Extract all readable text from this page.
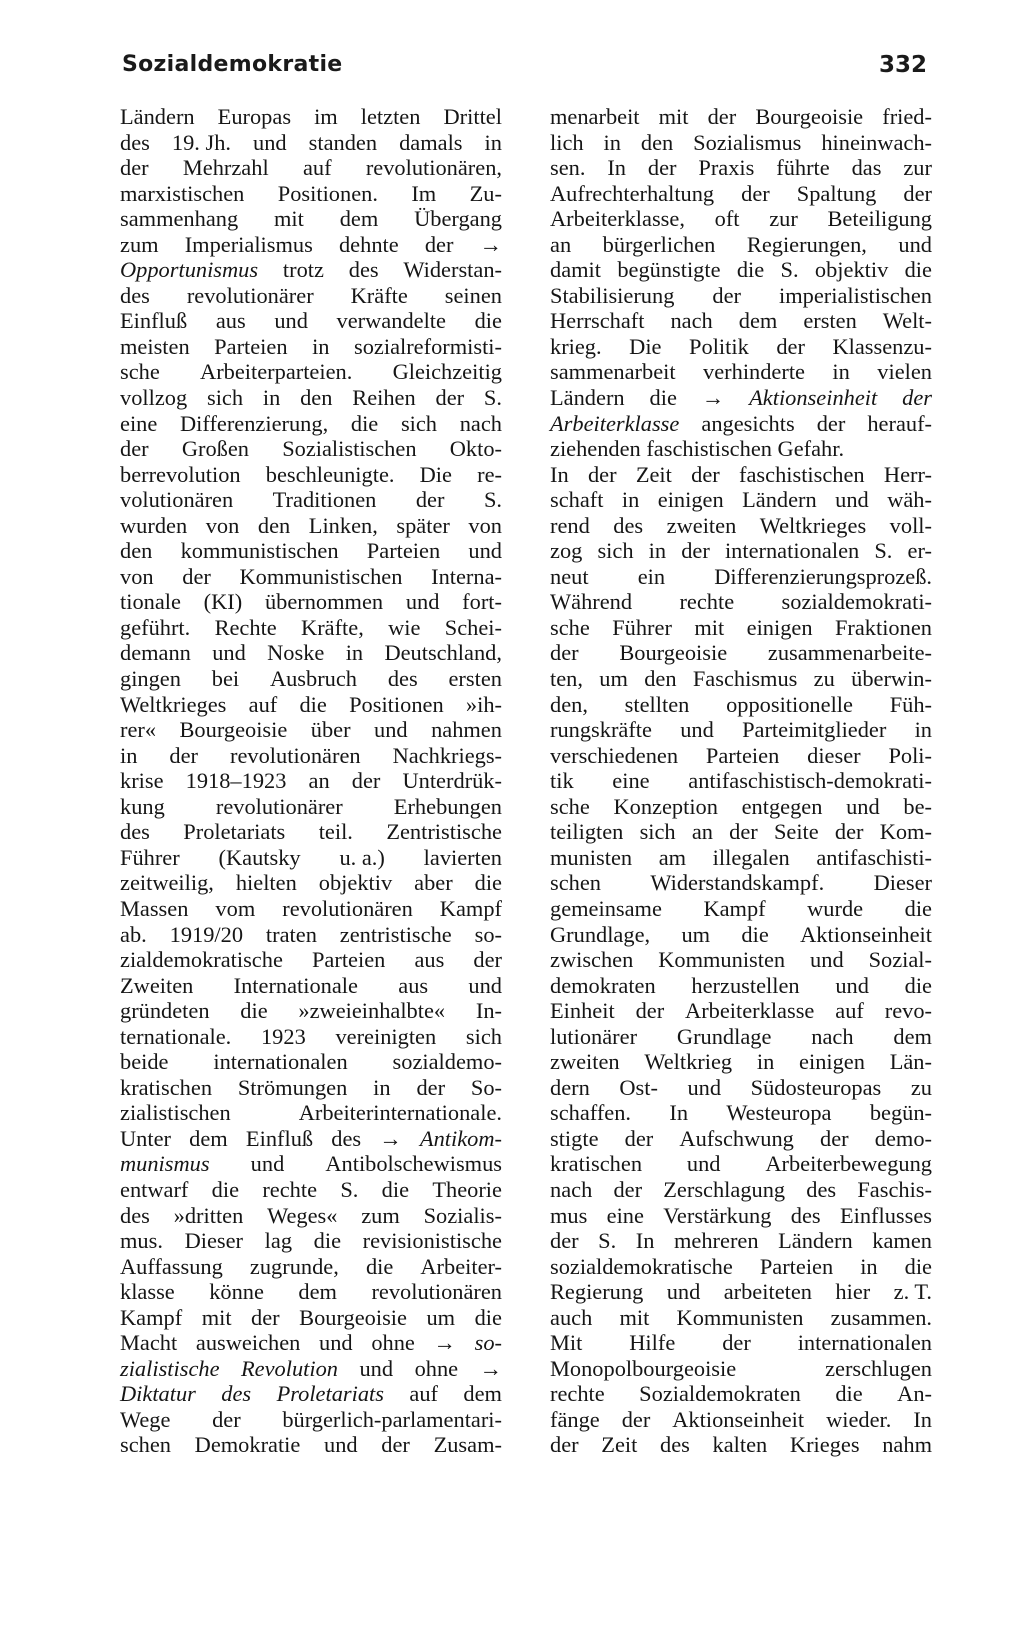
Sozialdemokratie	332
Ländern Europas im letzten Drittel
des 19. Jh. und standen damals in
der Mehrzahl auf revolutionären,
marxistischen Positionen. Im Zu-
sammenhang mit dem Übergang
zum Imperialismus dehnte der →
Opportunismus trotz des Widerstan-
des revolutionärer Kräfte seinen
Einfluß aus und verwandelte die
meisten Parteien in sozialreformisti-
sche Arbeiterparteien. Gleichzeitig
vollzog sich in den Reihen der S.
eine Differenzierung, die sich nach
der Großen Sozialistischen Okto-
berrevolution beschleunigte. Die re-
volutionären Traditionen der S.
wurden von den Linken, später von
den kommunistischen Parteien und
von der Kommunistischen Interna-
tionale (KI) übernommen und fort-
geführt. Rechte Kräfte, wie Schei-
demann und Noske in Deutschland,
gingen bei Ausbruch des ersten
Weltkrieges auf die Positionen »ih-
rer« Bourgeoisie über und nahmen
in der revolutionären Nachkriegs-
krise 1918–1923 an der Unterdrük-
kung revolutionärer Erhebungen
des Proletariats teil. Zentristische
Führer (Kautsky u. a.) lavierten
zeitweilig, hielten objektiv aber die
Massen vom revolutionären Kampf
ab. 1919/20 traten zentristische so-
zialdemokratische Parteien aus der
Zweiten Internationale aus und
gründeten die »zweieinhalbte« In-
ternationale. 1923 vereinigten sich
beide internationalen sozialdemo-
kratischen Strömungen in der So-
zialistischen	Arbeiterinternationale.
Unter dem Einfluß des → Antikom-
munismus und Antibolschewismus
entwarf die rechte S. die Theorie
des »dritten Weges« zum Sozialis-
mus. Dieser lag die revisionistische
Auffassung zugrunde, die Arbeiter-
klasse könne dem revolutionären
Kampf mit der Bourgeoisie um die
Macht ausweichen und ohne → so-
zialistische Revolution und ohne →
Diktatur des Proletariats auf dem
Wege der bürgerlich-parlamentari-
schen Demokratie und der Zusam-
menarbeit mit der Bourgeoisie fried-
lich in den Sozialismus hineinwach-
sen. In der Praxis führte das zur
Aufrechterhaltung der Spaltung der
Arbeiterklasse, oft zur Beteiligung
an bürgerlichen Regierungen, und
damit begünstigte die S. objektiv die
Stabilisierung der imperialistischen
Herrschaft nach dem ersten Welt-
krieg. Die Politik der Klassenzu-
sammenarbeit verhinderte in vielen
Ländern die → Aktionseinheit der
Arbeiterklasse angesichts der herauf-
ziehenden faschistischen Gefahr.
In der Zeit der faschistischen Herr-
schaft in einigen Ländern und wäh-
rend des zweiten Weltkrieges voll-
zog sich in der internationalen S. er-
neut ein Differenzierungsprozeß.
Während rechte sozialdemokrati-
sche Führer mit einigen Fraktionen
der Bourgeoisie zusammenarbeite-
ten, um den Faschismus zu überwin-
den, stellten oppositionelle Füh-
rungskräfte und Parteimitglieder in
verschiedenen Parteien dieser Poli-
tik eine antifaschistisch-demokrati-
sche Konzeption entgegen und be-
teiligten sich an der Seite der Kom-
munisten am illegalen antifaschisti-
schen Widerstandskampf. Dieser
gemeinsame Kampf wurde die
Grundlage, um die Aktionseinheit
zwischen Kommunisten und Sozial-
demokraten herzustellen und die
Einheit der Arbeiterklasse auf revo-
lutionärer Grundlage nach dem
zweiten Weltkrieg in einigen Län-
dern Ost- und Südosteuropas zu
schaffen. In Westeuropa begün-
stigte der Aufschwung der demo-
kratischen und Arbeiterbewegung
nach der Zerschlagung des Faschis-
mus eine Verstärkung des Einflusses
der S. In mehreren Ländern kamen
sozialdemokratische Parteien in die
Regierung und arbeiteten hier z. T.
auch mit Kommunisten zusammen.
Mit Hilfe der internationalen
Monopolbourgeoisie	zerschlugen
rechte Sozialdemokraten die An-
fänge der Aktionseinheit wieder. In
der Zeit des kalten Krieges nahm
